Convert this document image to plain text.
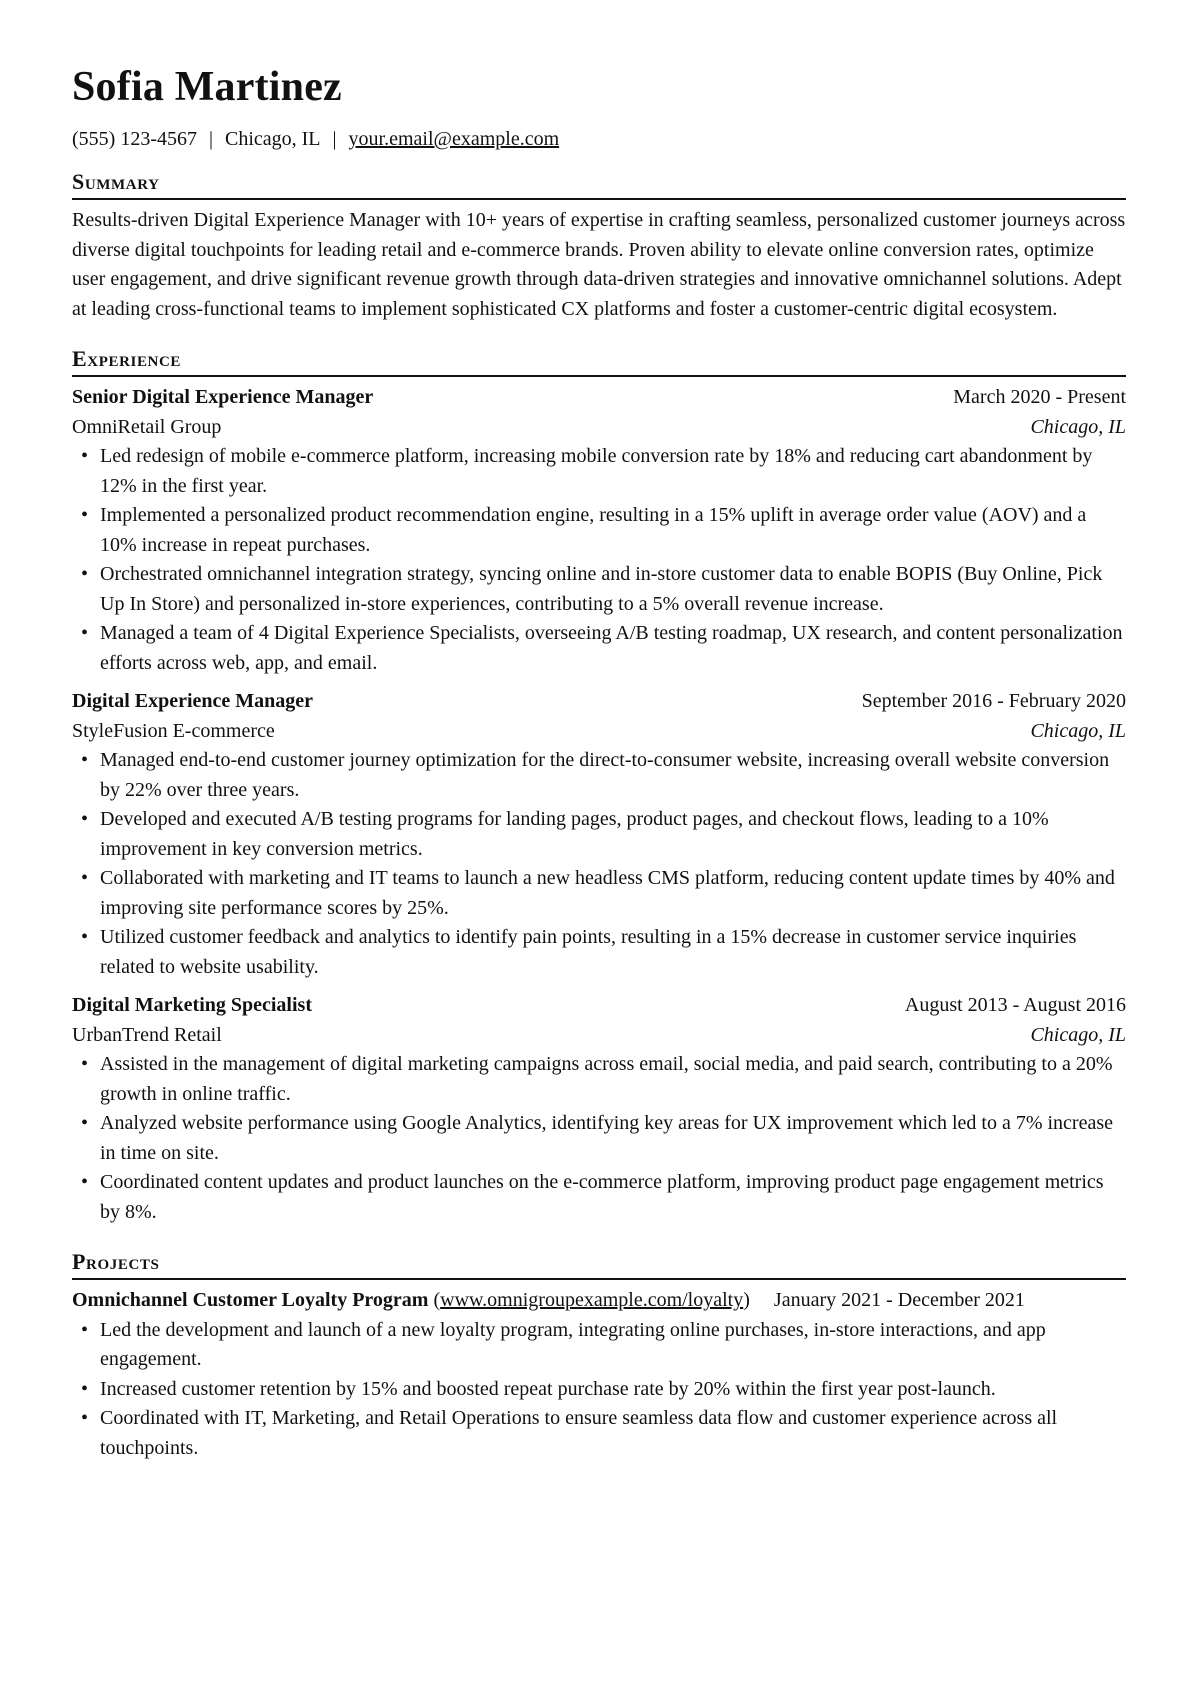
Sofia Martinez
(555) 123-4567 | Chicago, IL | your.email@example.com
Summary
Results-driven Digital Experience Manager with 10+ years of expertise in crafting seamless, personalized customer journeys across diverse digital touchpoints for leading retail and e-commerce brands. Proven ability to elevate online conversion rates, optimize user engagement, and drive significant revenue growth through data-driven strategies and innovative omnichannel solutions. Adept at leading cross-functional teams to implement sophisticated CX platforms and foster a customer-centric digital ecosystem.
Experience
Senior Digital Experience Manager	March 2020 - Present
OmniRetail Group	Chicago, IL
• Led redesign of mobile e-commerce platform, increasing mobile conversion rate by 18% and reducing cart abandonment by 12% in the first year.
• Implemented a personalized product recommendation engine, resulting in a 15% uplift in average order value (AOV) and a 10% increase in repeat purchases.
• Orchestrated omnichannel integration strategy, syncing online and in-store customer data to enable BOPIS (Buy Online, Pick Up In Store) and personalized in-store experiences, contributing to a 5% overall revenue increase.
• Managed a team of 4 Digital Experience Specialists, overseeing A/B testing roadmap, UX research, and content personalization efforts across web, app, and email.
Digital Experience Manager	September 2016 - February 2020
StyleFusion E-commerce	Chicago, IL
• Managed end-to-end customer journey optimization for the direct-to-consumer website, increasing overall website conversion by 22% over three years.
• Developed and executed A/B testing programs for landing pages, product pages, and checkout flows, leading to a 10% improvement in key conversion metrics.
• Collaborated with marketing and IT teams to launch a new headless CMS platform, reducing content update times by 40% and improving site performance scores by 25%.
• Utilized customer feedback and analytics to identify pain points, resulting in a 15% decrease in customer service inquiries related to website usability.
Digital Marketing Specialist	August 2013 - August 2016
UrbanTrend Retail	Chicago, IL
• Assisted in the management of digital marketing campaigns across email, social media, and paid search, contributing to a 20% growth in online traffic.
• Analyzed website performance using Google Analytics, identifying key areas for UX improvement which led to a 7% increase in time on site.
• Coordinated content updates and product launches on the e-commerce platform, improving product page engagement metrics by 8%.
Projects
Omnichannel Customer Loyalty Program (www.omnigroupexample.com/loyalty) January 2021 - December 2021
• Led the development and launch of a new loyalty program, integrating online purchases, in-store interactions, and app engagement.
• Increased customer retention by 15% and boosted repeat purchase rate by 20% within the first year post-launch.
• Coordinated with IT, Marketing, and Retail Operations to ensure seamless data flow and customer experience across all touchpoints.
